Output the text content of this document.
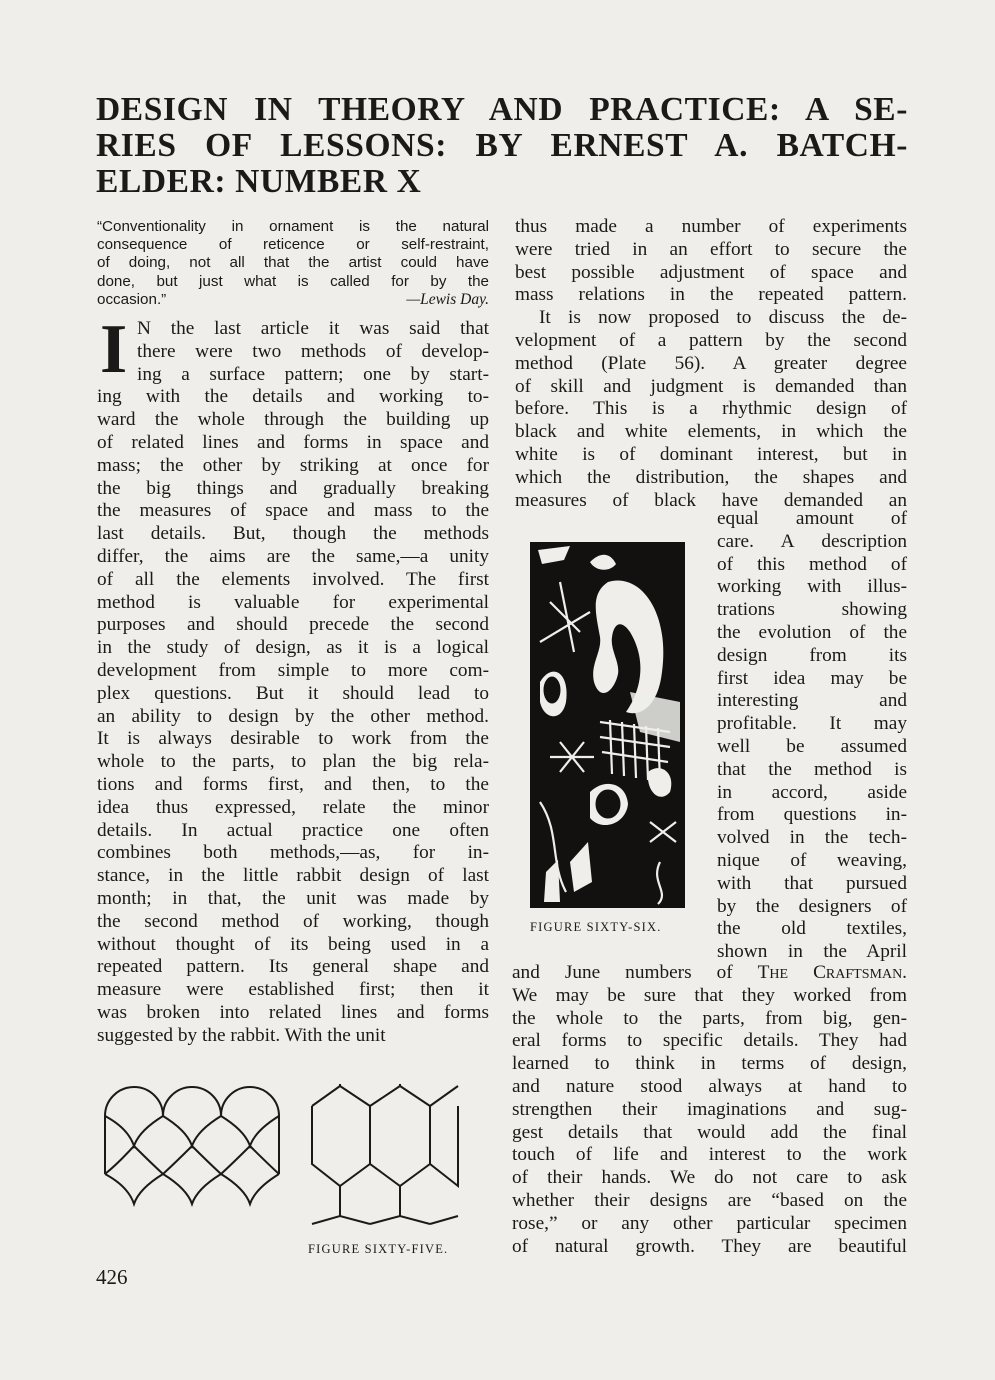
DESIGN IN THEORY AND PRACTICE: A SE-
RIES OF LESSONS: BY ERNEST A. BATCH-
ELDER: NUMBER X
“Conventionality in ornament is the natural
consequence of reticence or self-restraint,
of doing, not all that the artist could have
done, but just what is called for by the
occasion.”	—Lewis Day.
I N the last article it was said that
there were two methods of develop-
ing a surface pattern; one by start-
ing with the details and working to-
ward the whole through the building up
of related lines and forms in space and
mass; the other by striking at once for
the big things and gradually breaking
the measures of space and mass to the
last details. But, though the methods
differ, the aims are the same,—a unity
of all the elements involved. The first
method is valuable for experimental
purposes and should precede the second
in the study of design, as it is a logical
development from simple to more com-
plex questions. But it should lead to
an ability to design by the other method.
It is always desirable to work from the
whole to the parts, to plan the big rela-
tions and forms first, and then, to the
idea thus expressed, relate the minor
details. In actual practice one often
combines both methods,—as, for in-
stance, in the little rabbit design of last
month; in that, the unit was made by
the second method of working, though
without thought of its being used in a
repeated pattern. Its general shape and
measure were established first; then it
was broken into related lines and forms
suggested by the rabbit. With the unit
thus made a number of experiments
were tried in an effort to secure the
best possible adjustment of space and
mass relations in the repeated pattern.
It is now proposed to discuss the de-
velopment of a pattern by the second
method (Plate 56). A greater degree
of skill and judgment is demanded than
before. This is a rhythmic design of
black and white elements, in which the
white is of dominant interest, but in
which the distribution, the shapes and
measures of black have demanded an
equal amount of
care. A description
of this method of
working with illus-
trations showing
the evolution of the
design from its
first idea may be
interesting and
profitable. It may
well be assumed
that the method is
in accord, aside
from questions in-
volved in the tech-
nique of weaving,
with that pursued
by the designers of
the old textiles,
shown in the April
and June numbers of The Craftsman.
We may be sure that they worked from
the whole to the parts, from big, gen-
eral forms to specific details. They had
learned to think in terms of design,
and nature stood always at hand to
strengthen their imaginations and sug-
gest details that would add the final
touch of life and interest to the work
of their hands. We do not care to ask
whether their designs are “based on the
rose,” or any other particular specimen
of natural growth. They are beautiful
FIGURE SIXTY-SIX.
FIGURE SIXTY-FIVE.
426
